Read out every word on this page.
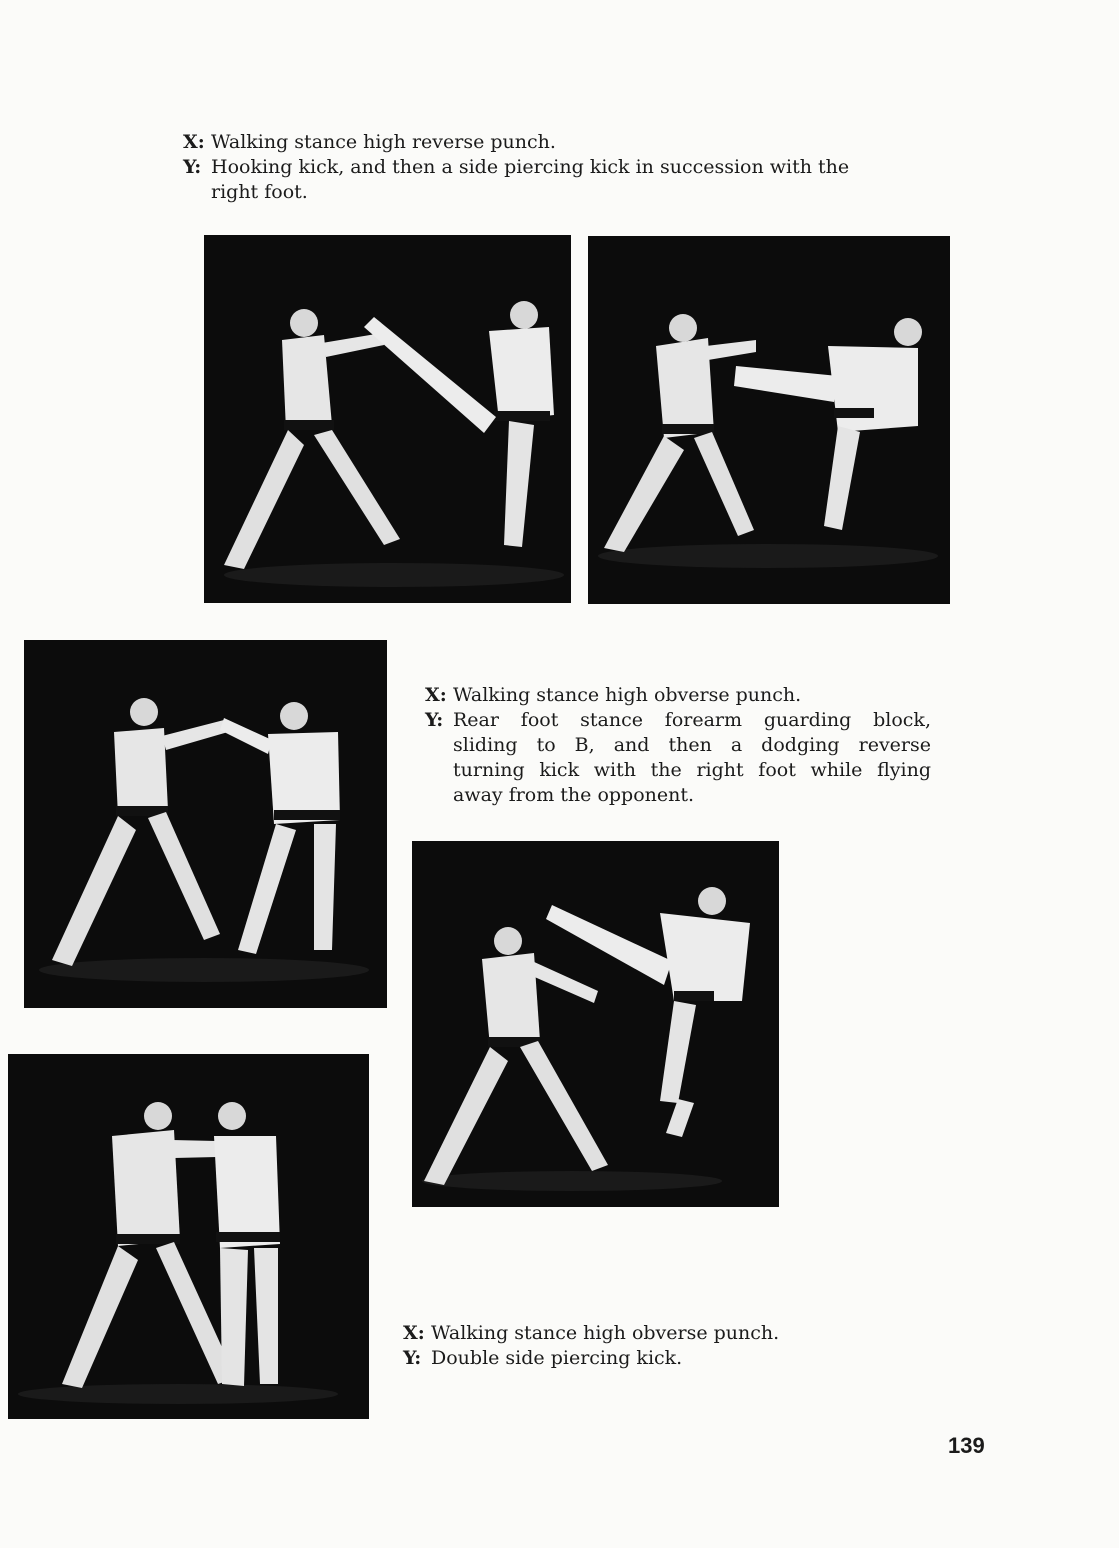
X: Walking stance high reverse punch.
Y: Hooking kick, and then a side piercing kick in succession with the
right foot.
X: Walking stance high obverse punch.
Y: Rear foot stance forearm guarding block,
sliding to B, and then a dodging reverse
turning kick with the right foot while flying
away from the opponent.
X: Walking stance high obverse punch.
Y: Double side piercing kick.
139
